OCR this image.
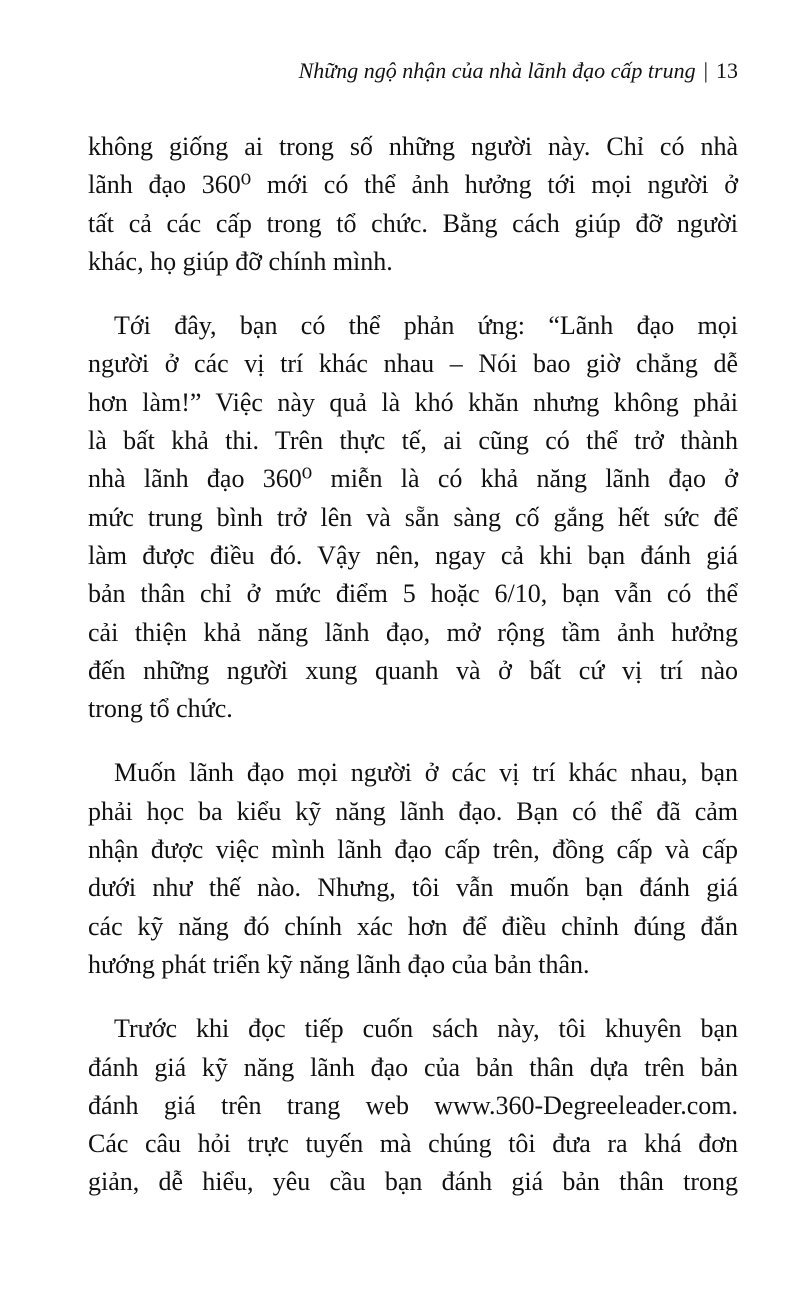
Những ngộ nhận của nhà lãnh đạo cấp trung | 13
không giống ai trong số những người này. Chỉ có nhà
lãnh đạo 360⁰ mới có thể ảnh hưởng tới mọi người ở
tất cả các cấp trong tổ chức. Bằng cách giúp đỡ người
khác, họ giúp đỡ chính mình.
Tới đây, bạn có thể phản ứng: “Lãnh đạo mọi
người ở các vị trí khác nhau – Nói bao giờ chẳng dễ
hơn làm!” Việc này quả là khó khăn nhưng không phải
là bất khả thi. Trên thực tế, ai cũng có thể trở thành
nhà lãnh đạo 360⁰ miễn là có khả năng lãnh đạo ở
mức trung bình trở lên và sẵn sàng cố gắng hết sức để
làm được điều đó. Vậy nên, ngay cả khi bạn đánh giá
bản thân chỉ ở mức điểm 5 hoặc 6/10, bạn vẫn có thể
cải thiện khả năng lãnh đạo, mở rộng tầm ảnh hưởng
đến những người xung quanh và ở bất cứ vị trí nào
trong tổ chức.
Muốn lãnh đạo mọi người ở các vị trí khác nhau, bạn
phải học ba kiểu kỹ năng lãnh đạo. Bạn có thể đã cảm
nhận được việc mình lãnh đạo cấp trên, đồng cấp và cấp
dưới như thế nào. Nhưng, tôi vẫn muốn bạn đánh giá
các kỹ năng đó chính xác hơn để điều chỉnh đúng đắn
hướng phát triển kỹ năng lãnh đạo của bản thân.
Trước khi đọc tiếp cuốn sách này, tôi khuyên bạn
đánh giá kỹ năng lãnh đạo của bản thân dựa trên bản
đánh giá trên trang web www.360-Degreeleader.com.
Các câu hỏi trực tuyến mà chúng tôi đưa ra khá đơn
giản, dễ hiểu, yêu cầu bạn đánh giá bản thân trong
